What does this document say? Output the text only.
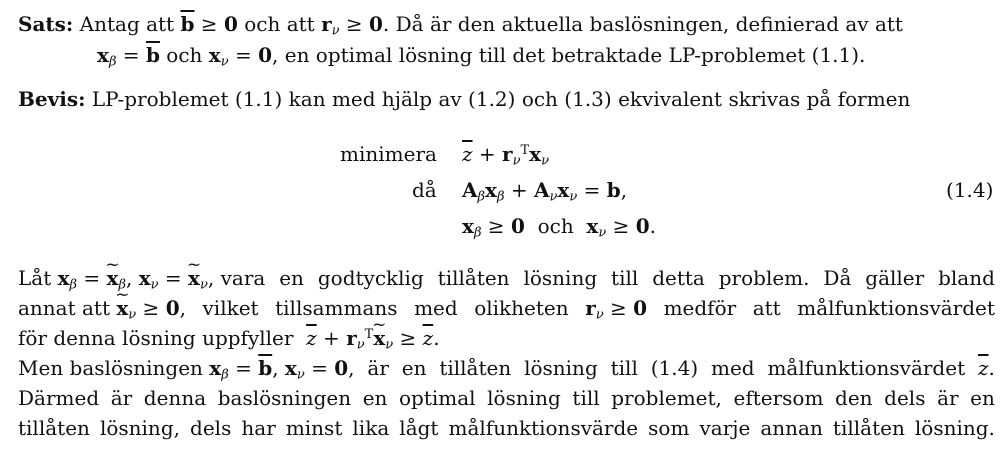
Sats: Antag att $\overline{b} \ge 0$ och att $r_\nu \ge 0$. Då är den aktuella baslösningen, definierad av att
$x_\beta = \overline{b}$ och $x_\nu = 0$, en optimal lösning till det betraktade LP-problemet (1.1).
Bevis: LP-problemet (1.1) kan med hjälp av (1.2) och (1.3) ekvivalent skrivas på formen
minimera $\overline{z} + r_\nu^Tx_\nu$
då $A_\beta x_\beta + A_\nu x_\nu = b$,	(1.4)
$x_\beta \ge 0$  och  $x_\nu \ge 0$.
Låt $x_\beta$ = ~ $x_\beta$, $x_\nu$ = ~ $x_\nu$, vara en godtycklig tillåten lösning till detta problem. Då gäller bland
annat att ~ $x_\nu \ge 0$, vilket tillsammans med olikheten $r_\nu \ge 0$ medför att målfunktionsvärdet
för denna lösning uppfyller  $\overline{z}$ + $r_\nu^T\sim$ $x_\nu \ge \overline{z}$.
Men baslösningen $x_\beta = \overline{b}$, $x_\nu = 0$, är en tillåten lösning till (1.4) med målfunktionsvärdet $\overline{z}$.
Därmed är denna baslösningen en optimal lösning till problemet, eftersom den dels är en
tillåten lösning, dels har minst lika lågt målfunktionsvärde som varje annan tillåten lösning.
